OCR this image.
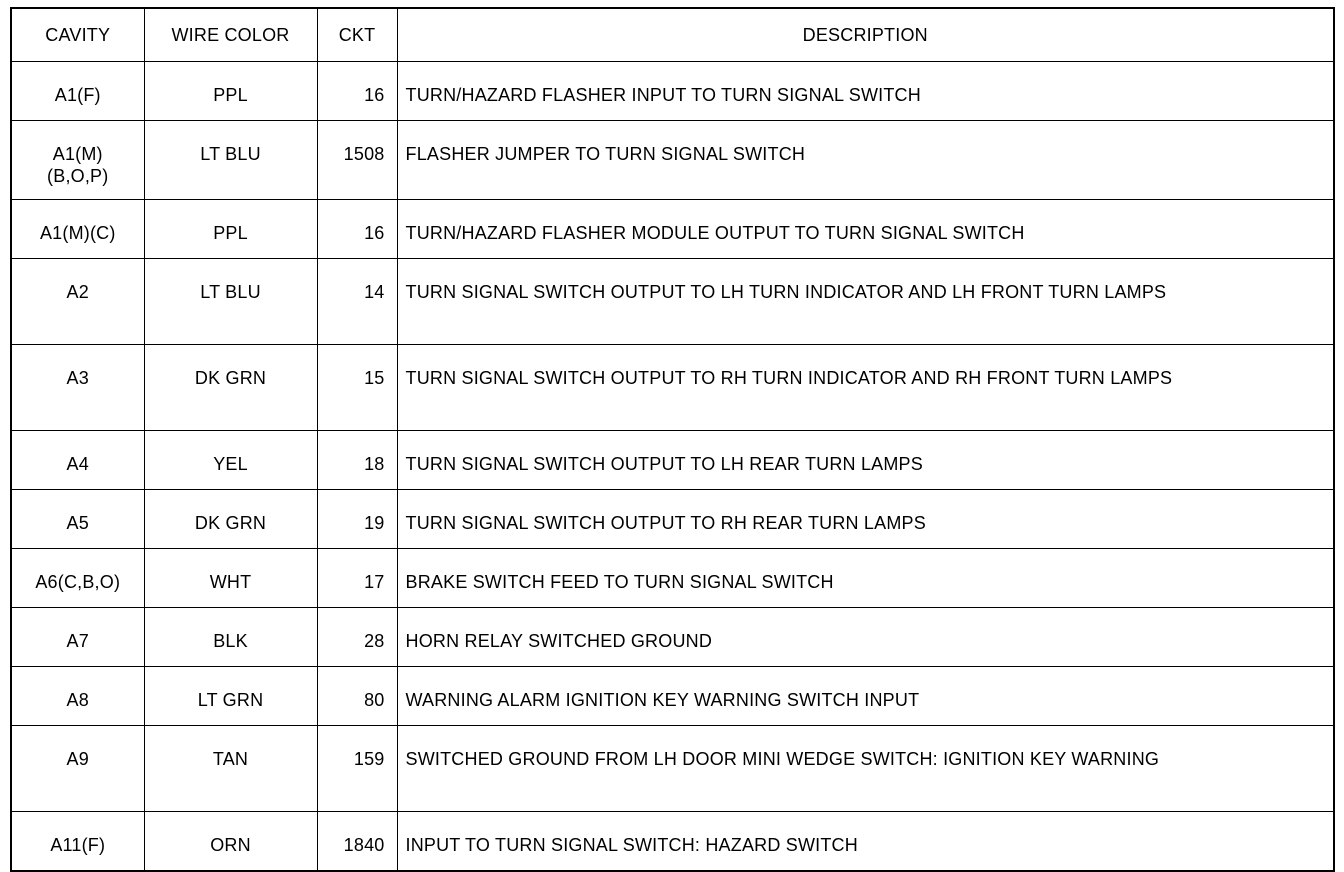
CAVITY	WIRE COLOR	CKT	DESCRIPTION

A1(F)	PPL	16	TURN/HAZARD FLASHER INPUT TO TURN SIGNAL SWITCH

A1(M)
(B,O,P)	LT BLU	1508	FLASHER JUMPER TO TURN SIGNAL SWITCH

A1(M)(C)	PPL	16	TURN/HAZARD FLASHER MODULE OUTPUT TO TURN SIGNAL SWITCH

A2	LT BLU	14	TURN SIGNAL SWITCH OUTPUT TO LH TURN INDICATOR AND LH FRONT TURN LAMPS

A3	DK GRN	15	TURN SIGNAL SWITCH OUTPUT TO RH TURN INDICATOR AND RH FRONT TURN LAMPS

A4	YEL	18	TURN SIGNAL SWITCH OUTPUT TO LH REAR TURN LAMPS

A5	DK GRN	19	TURN SIGNAL SWITCH OUTPUT TO RH REAR TURN LAMPS

A6(C,B,O)	WHT	17	BRAKE SWITCH FEED TO TURN SIGNAL SWITCH

A7	BLK	28	HORN RELAY SWITCHED GROUND

A8	LT GRN	80	WARNING ALARM IGNITION KEY WARNING SWITCH INPUT

A9	TAN	159	SWITCHED GROUND FROM LH DOOR MINI WEDGE SWITCH: IGNITION KEY WARNING

A11(F)	ORN	1840	INPUT TO TURN SIGNAL SWITCH: HAZARD SWITCH
